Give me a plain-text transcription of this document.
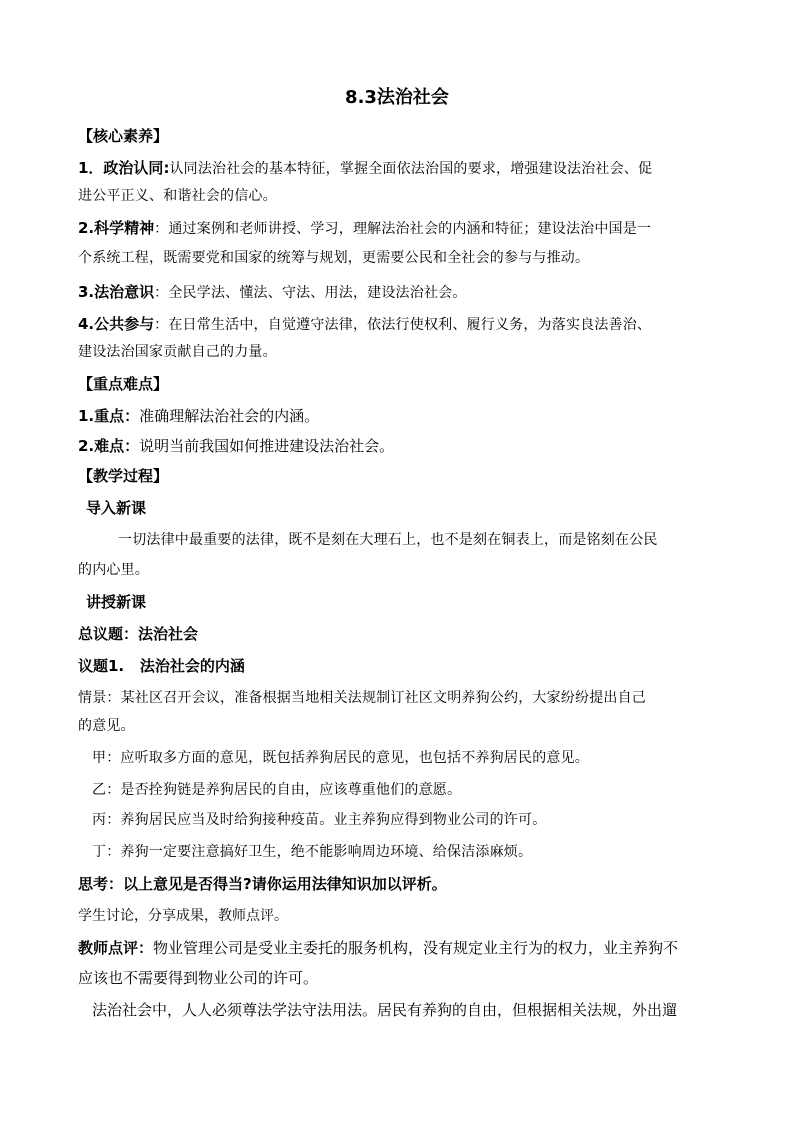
8.3法治社会
【核心素养】
1．政治认同:认同法治社会的基本特征，掌握全面依法治国的要求，增强建设法治社会、促
进公平正义、和谐社会的信心。
2.科学精神：通过案例和老师讲授、学习，理解法治社会的内涵和特征；建设法治中国是一
个系统工程，既需要党和国家的统筹与规划，更需要公民和全社会的参与与推动。
3.法治意识：全民学法、懂法、守法、用法，建设法治社会。
4.公共参与：在日常生活中，自觉遵守法律，依法行使权利、履行义务，为落实良法善治、
建设法治国家贡献自己的力量。
【重点难点】
1.重点：准确理解法治社会的内涵。
2.难点：说明当前我国如何推进建设法治社会。
【教学过程】
导入新课
一切法律中最重要的法律，既不是刻在大理石上，也不是刻在铜表上，而是铭刻在公民
的内心里。
讲授新课
总议题：法治社会
议题1. 法治社会的内涵
情景：某社区召开会议，准备根据当地相关法规制订社区文明养狗公约，大家纷纷提出自己
的意见。
甲：应听取多方面的意见，既包括养狗居民的意见，也包括不养狗居民的意见。
乙：是否拴狗链是养狗居民的自由，应该尊重他们的意愿。
丙：养狗居民应当及时给狗接种疫苗。业主养狗应得到物业公司的许可。
丁：养狗一定要注意搞好卫生，绝不能影响周边环境、给保洁添麻烦。
思考：以上意见是否得当?请你运用法律知识加以评析。
学生讨论，分享成果，教师点评。
教师点评：物业管理公司是受业主委托的服务机构，没有规定业主行为的权力，业主养狗不
应该也不需要得到物业公司的许可。
法治社会中，人人必须尊法学法守法用法。居民有养狗的自由，但根据相关法规，外出遛
